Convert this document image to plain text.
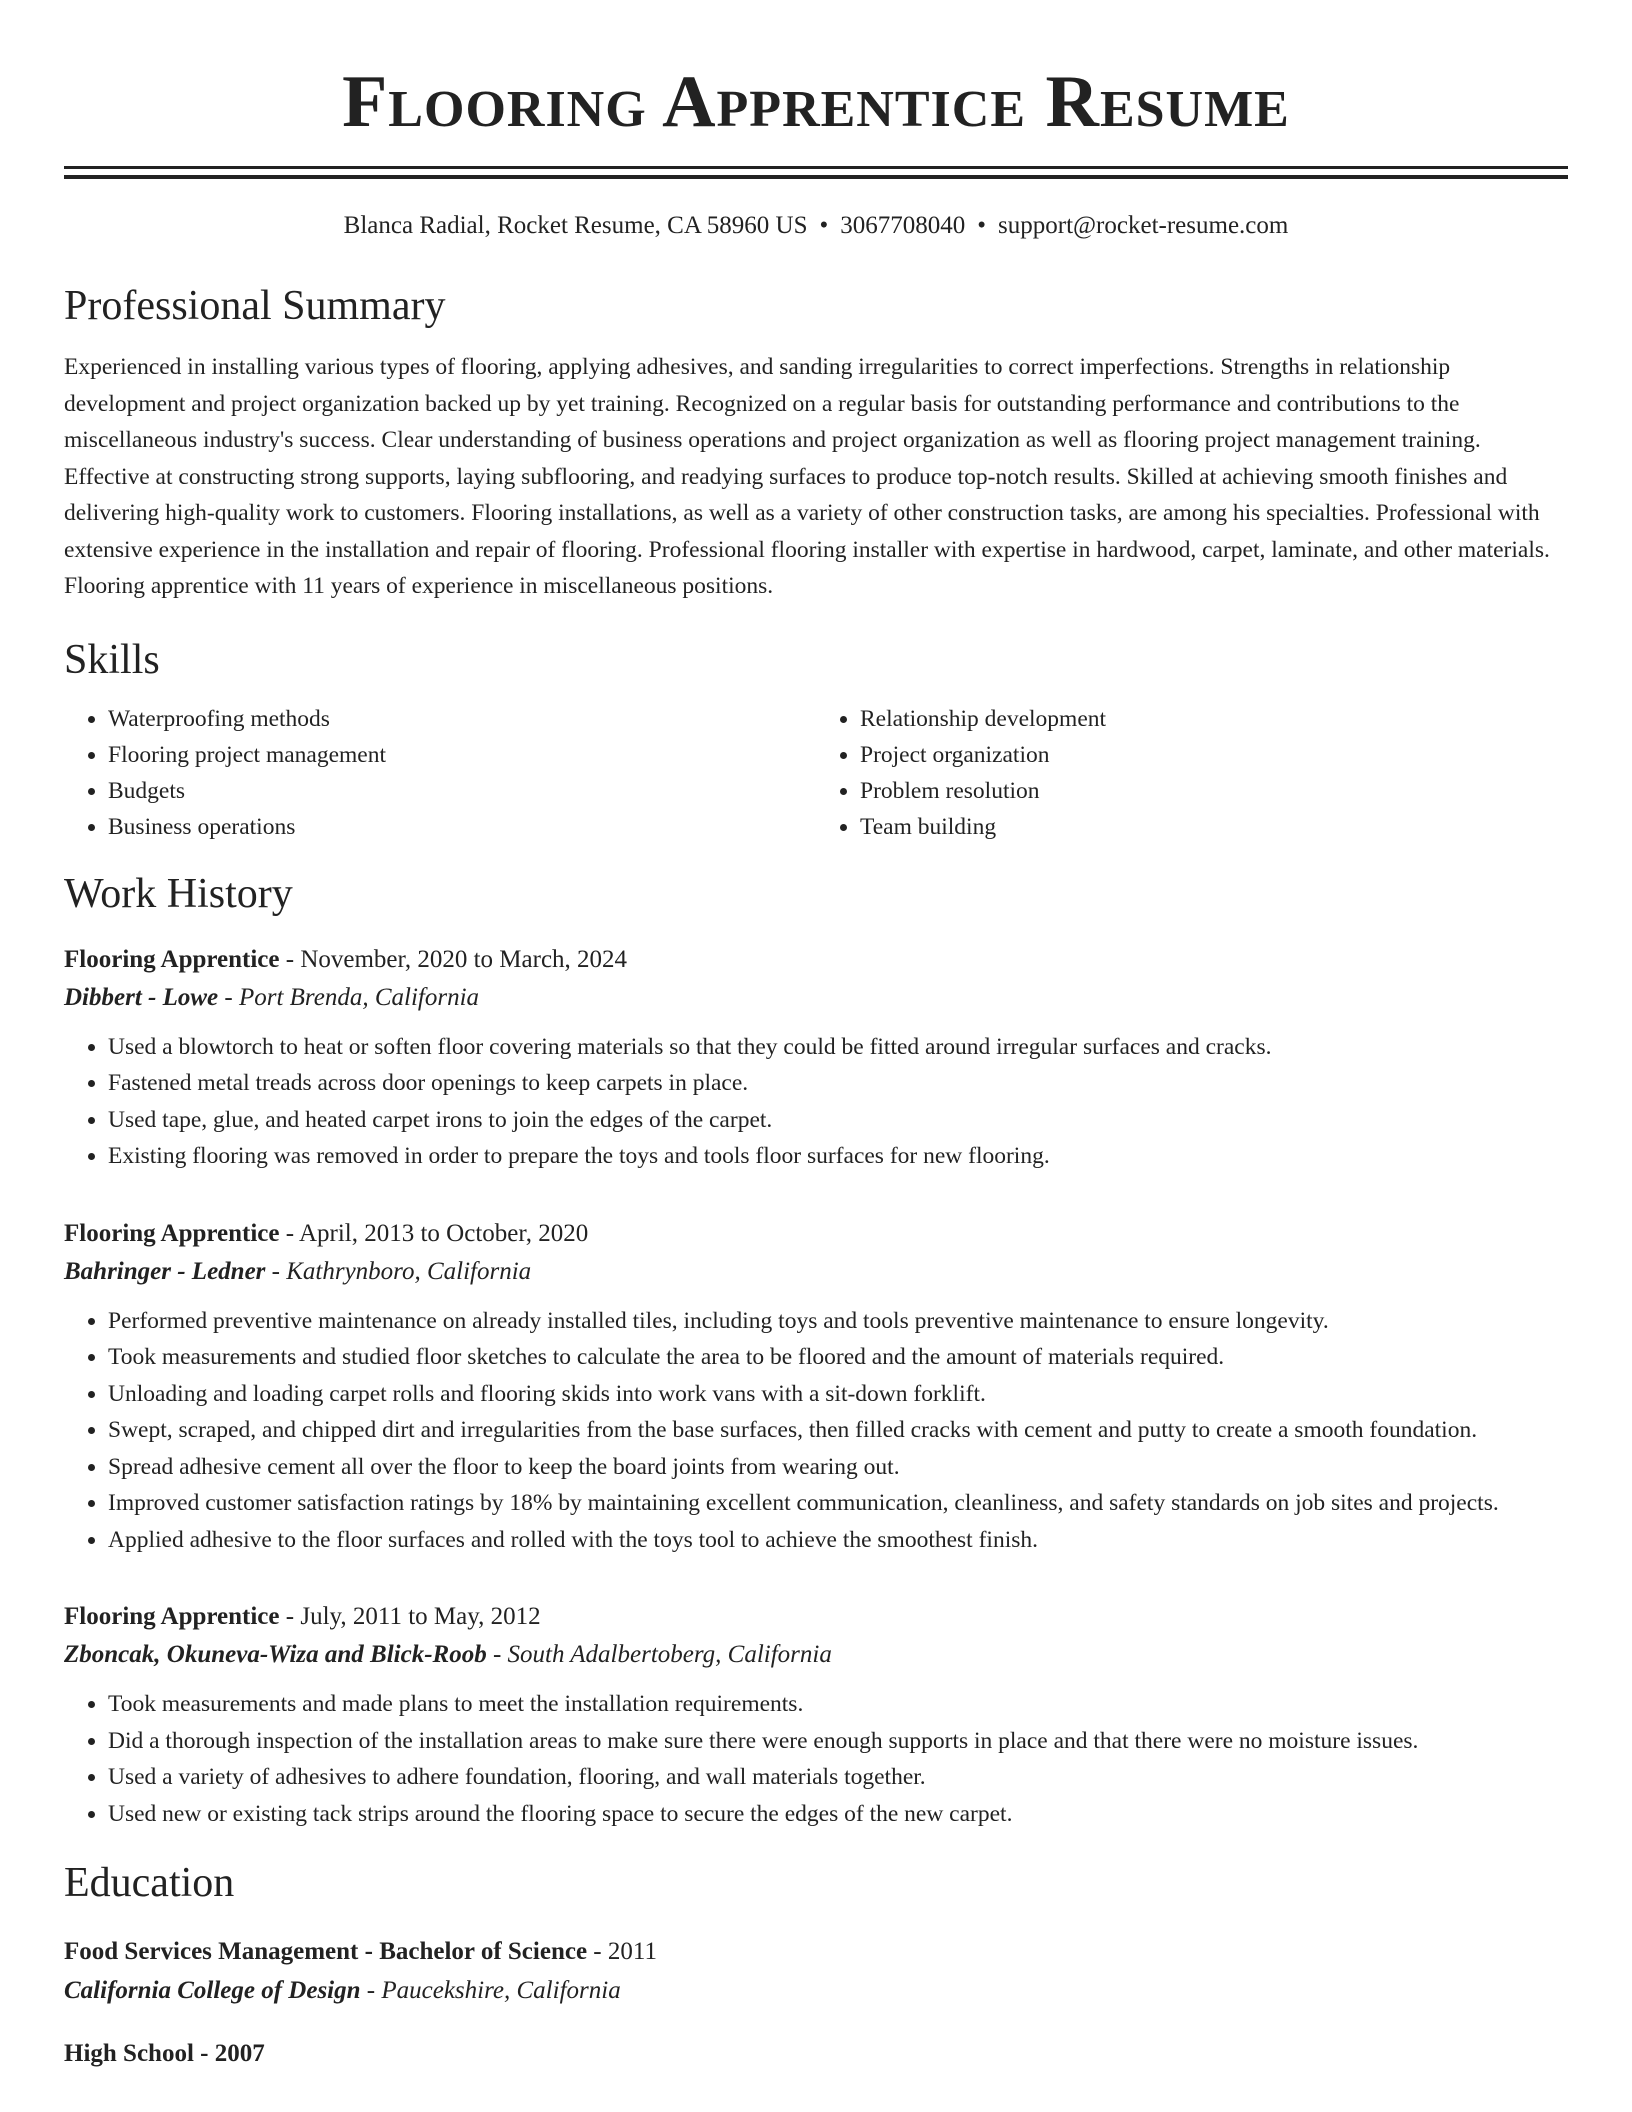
Flooring Apprentice Resume
Blanca Radial, Rocket Resume, CA 58960 US • 3067708040 • support@rocket-resume.com
Professional Summary
Experienced in installing various types of flooring, applying adhesives, and sanding irregularities to correct imperfections. Strengths in relationship development and project organization backed up by yet training. Recognized on a regular basis for outstanding performance and contributions to the miscellaneous industry's success. Clear understanding of business operations and project organization as well as flooring project management training. Effective at constructing strong supports, laying subflooring, and readying surfaces to produce top-notch results. Skilled at achieving smooth finishes and delivering high-quality work to customers. Flooring installations, as well as a variety of other construction tasks, are among his specialties. Professional with extensive experience in the installation and repair of flooring. Professional flooring installer with expertise in hardwood, carpet, laminate, and other materials. Flooring apprentice with 11 years of experience in miscellaneous positions.
Skills
• Waterproofing methods
• Flooring project management
• Budgets
• Business operations
• Relationship development
• Project organization
• Problem resolution
• Team building
Work History
Flooring Apprentice - November, 2020 to March, 2024
Dibbert - Lowe - Port Brenda, California
• Used a blowtorch to heat or soften floor covering materials so that they could be fitted around irregular surfaces and cracks.
• Fastened metal treads across door openings to keep carpets in place.
• Used tape, glue, and heated carpet irons to join the edges of the carpet.
• Existing flooring was removed in order to prepare the toys and tools floor surfaces for new flooring.
Flooring Apprentice - April, 2013 to October, 2020
Bahringer - Ledner - Kathrynboro, California
• Performed preventive maintenance on already installed tiles, including toys and tools preventive maintenance to ensure longevity.
• Took measurements and studied floor sketches to calculate the area to be floored and the amount of materials required.
• Unloading and loading carpet rolls and flooring skids into work vans with a sit-down forklift.
• Swept, scraped, and chipped dirt and irregularities from the base surfaces, then filled cracks with cement and putty to create a smooth foundation.
• Spread adhesive cement all over the floor to keep the board joints from wearing out.
• Improved customer satisfaction ratings by 18% by maintaining excellent communication, cleanliness, and safety standards on job sites and projects.
• Applied adhesive to the floor surfaces and rolled with the toys tool to achieve the smoothest finish.
Flooring Apprentice - July, 2011 to May, 2012
Zboncak, Okuneva-Wiza and Blick-Roob - South Adalbertoberg, California
• Took measurements and made plans to meet the installation requirements.
• Did a thorough inspection of the installation areas to make sure there were enough supports in place and that there were no moisture issues.
• Used a variety of adhesives to adhere foundation, flooring, and wall materials together.
• Used new or existing tack strips around the flooring space to secure the edges of the new carpet.
Education
Food Services Management - Bachelor of Science - 2011
California College of Design - Paucekshire, California
High School - 2007
